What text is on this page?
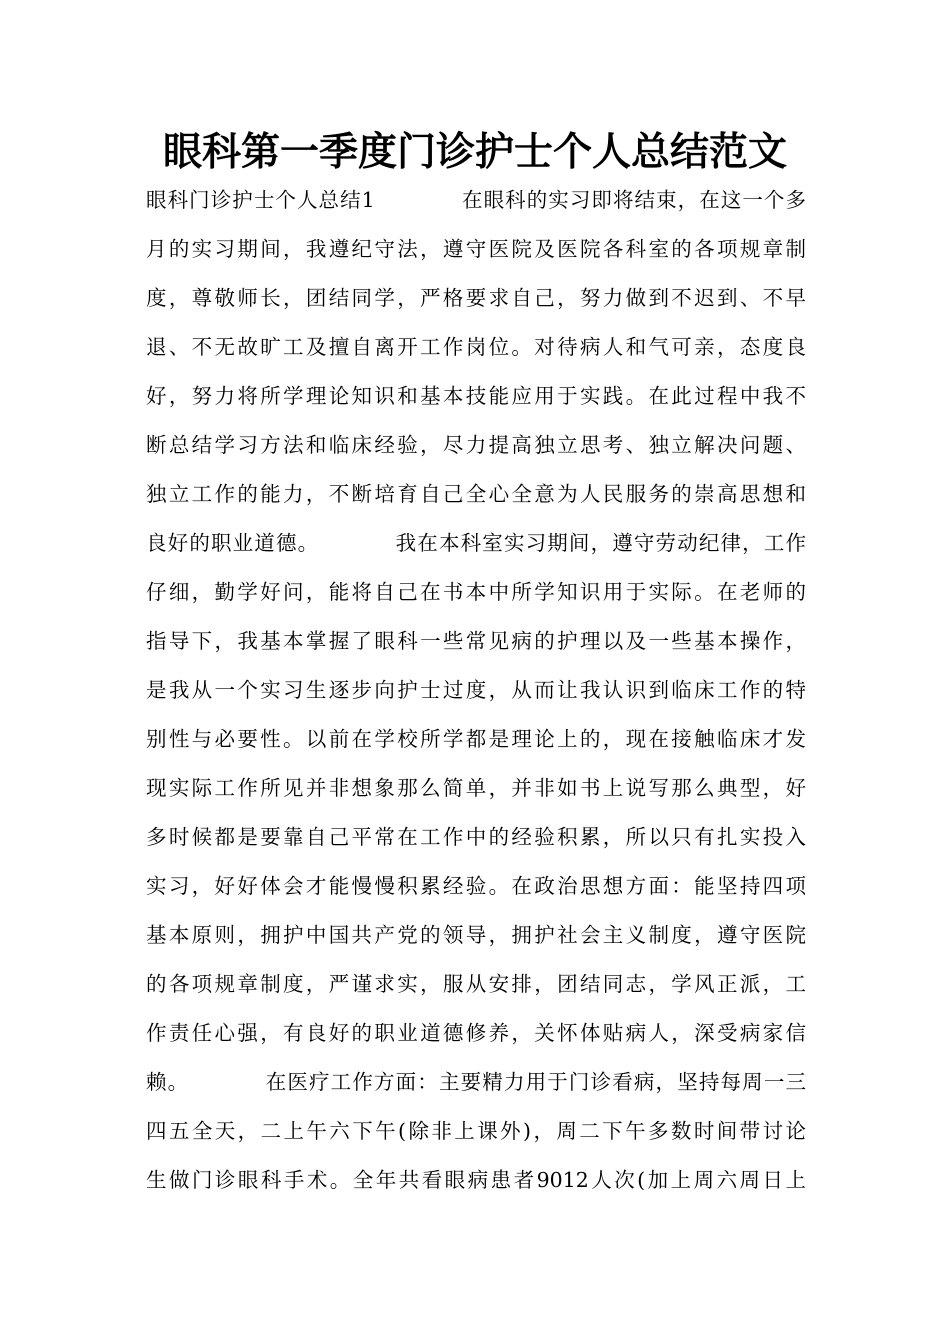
眼科第一季度门诊护士个人总结范文
眼科门诊护士个人总结1　　　　在眼科的实习即将结束，在这一个多
月的实习期间，我遵纪守法，遵守医院及医院各科室的各项规章制
度，尊敬师长，团结同学，严格要求自己，努力做到不迟到、不早
退、不无故旷工及擅自离开工作岗位。对待病人和气可亲，态度良
好，努力将所学理论知识和基本技能应用于实践。在此过程中我不
断总结学习方法和临床经验，尽力提高独立思考、独立解决问题、
独立工作的能力，不断培育自己全心全意为人民服务的崇高思想和
良好的职业道德。　　　　我在本科室实习期间，遵守劳动纪律，工作
仔细，勤学好问，能将自己在书本中所学知识用于实际。在老师的
指导下，我基本掌握了眼科一些常见病的护理以及一些基本操作，
是我从一个实习生逐步向护士过度，从而让我认识到临床工作的特
别性与必要性。以前在学校所学都是理论上的，现在接触临床才发
现实际工作所见并非想象那么简单，并非如书上说写那么典型，好
多时候都是要靠自己平常在工作中的经验积累，所以只有扎实投入
实习，好好体会才能慢慢积累经验。在政治思想方面：能坚持四项
基本原则，拥护中国共产党的领导，拥护社会主义制度，遵守医院
的各项规章制度，严谨求实，服从安排，团结同志，学风正派，工
作责任心强，有良好的职业道德修养，关怀体贴病人，深受病家信
赖。　　　　在医疗工作方面：主要精力用于门诊看病，坚持每周一三
四五全天，二上午六下午(除非上课外)，周二下午多数时间带讨论
生做门诊眼科手术。全年共看眼病患者9012人次(加上周六周日上
